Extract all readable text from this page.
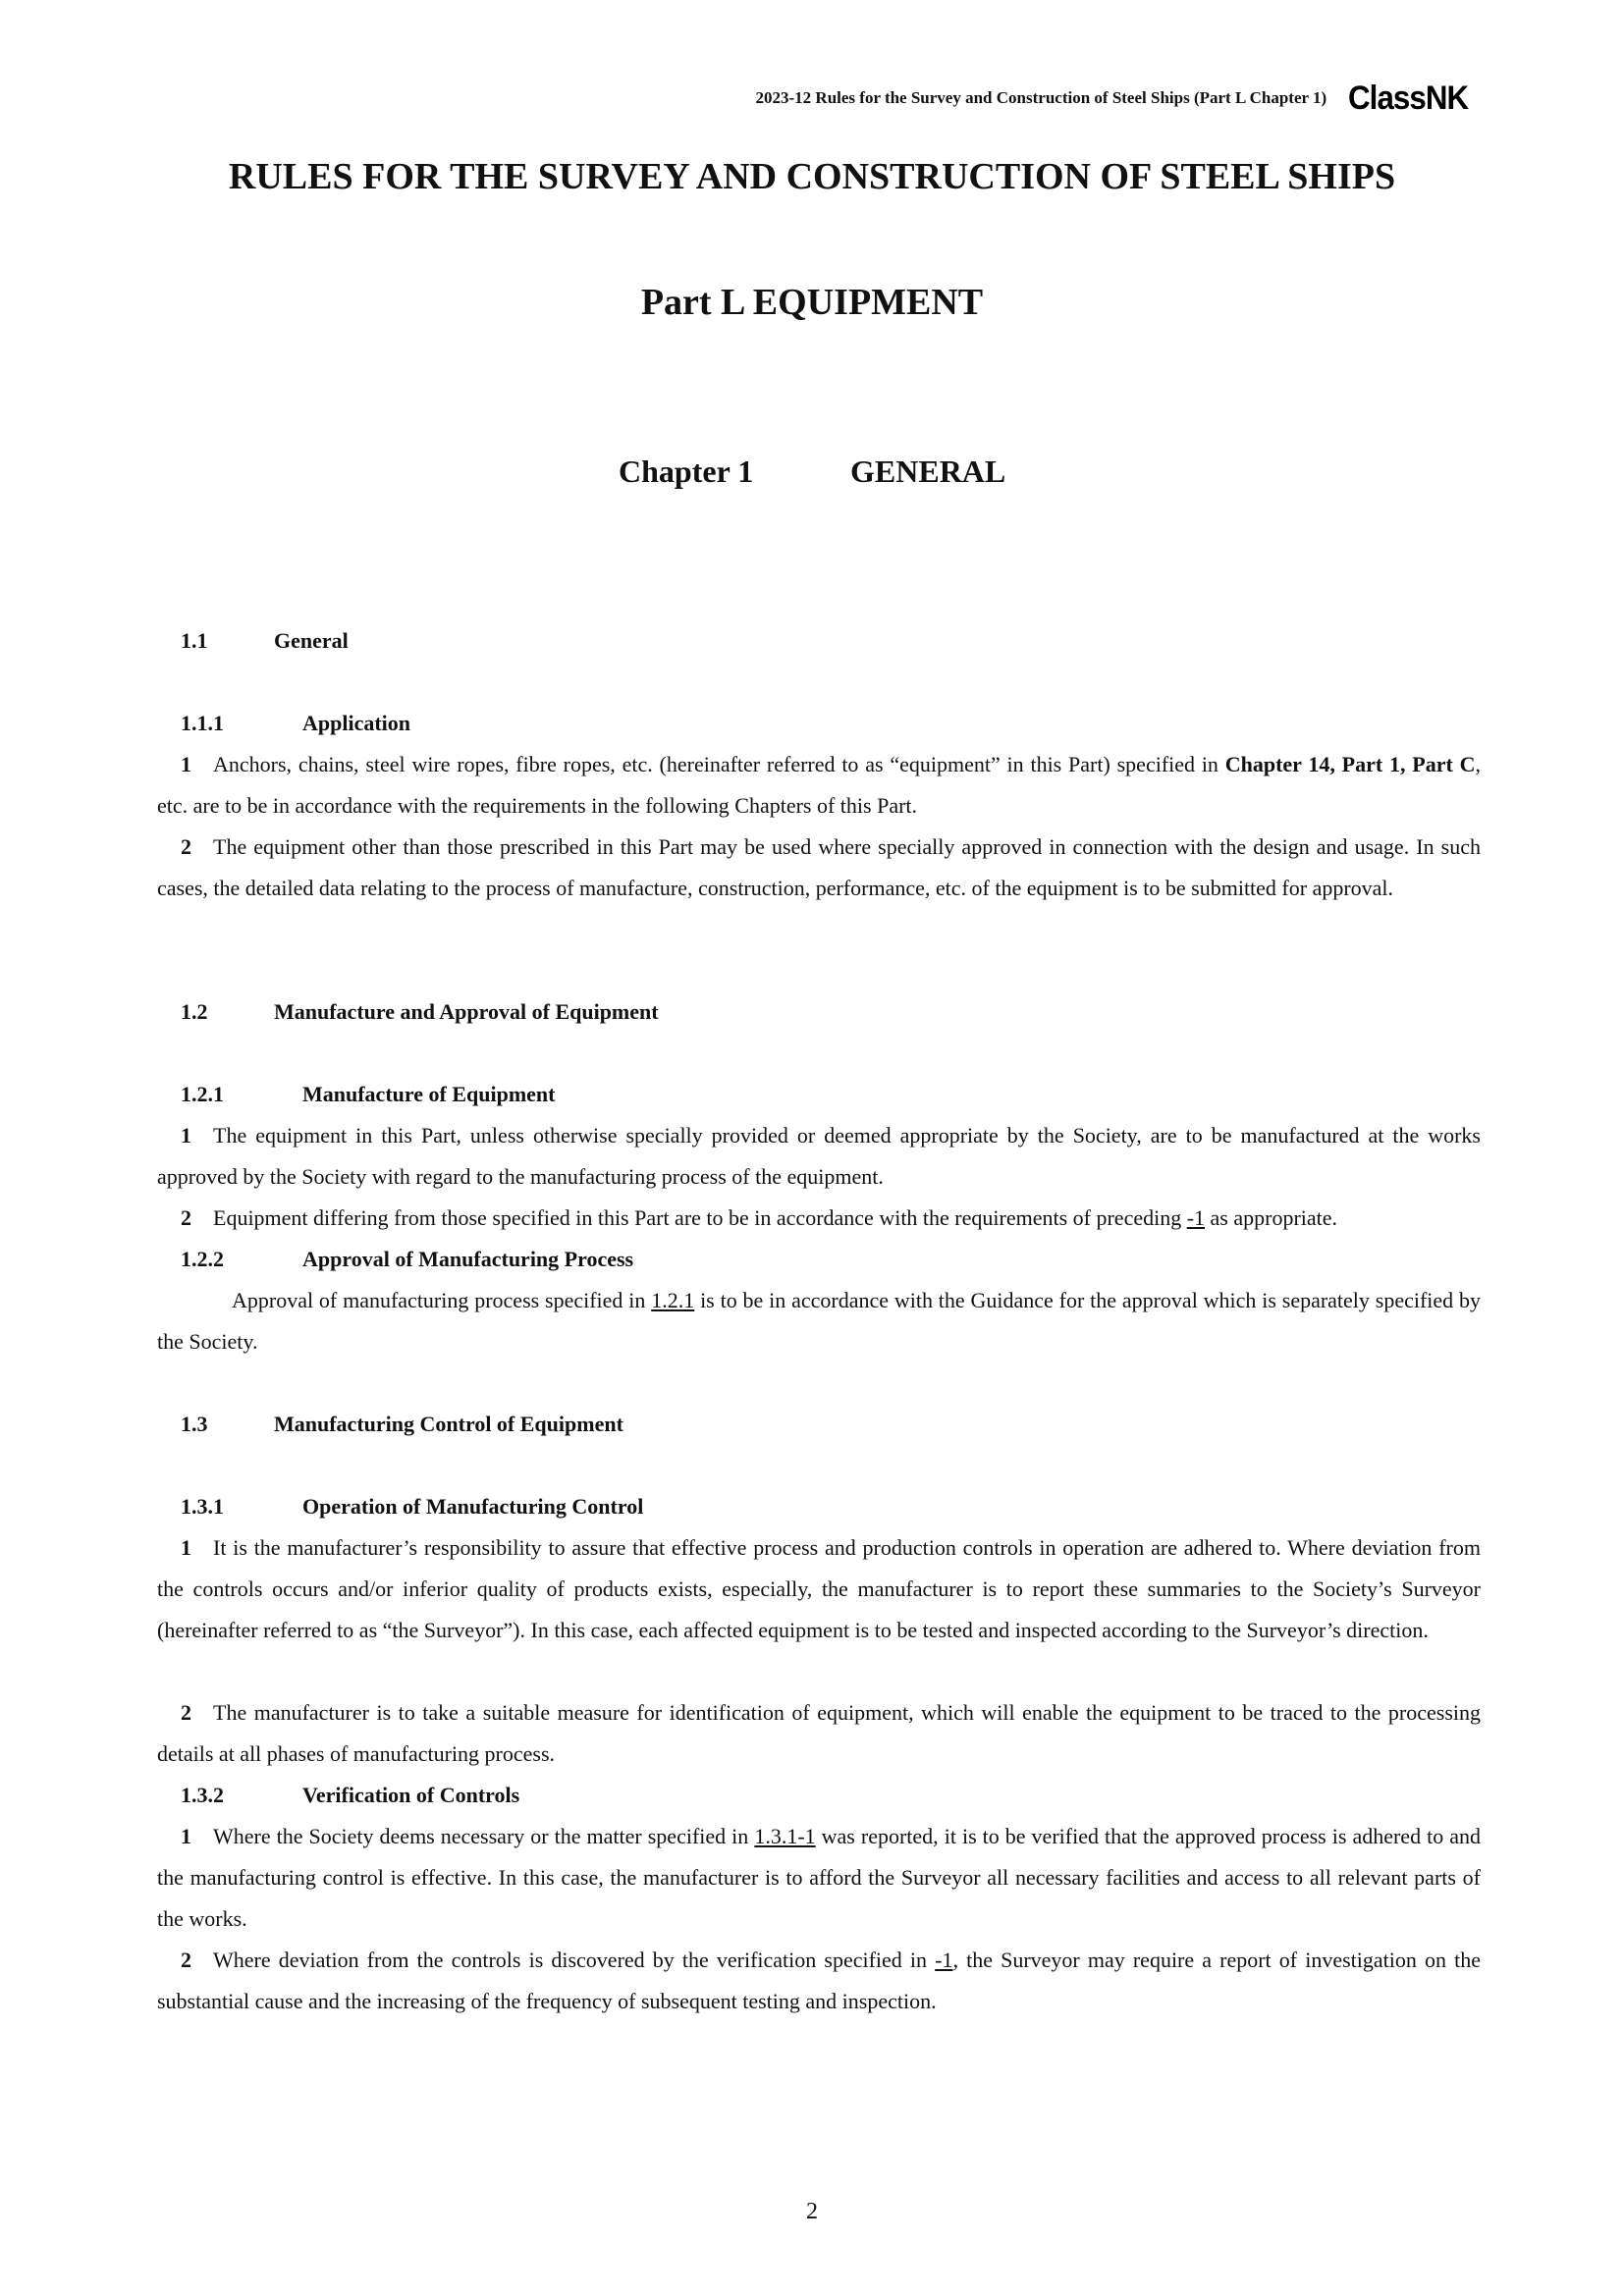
2023-12 Rules for the Survey and Construction of Steel Ships (Part L Chapter 1) ClassNK
RULES FOR THE SURVEY AND CONSTRUCTION OF STEEL SHIPS
Part L EQUIPMENT
Chapter 1	GENERAL
1.1	General
1.1.1	Application
1 Anchors, chains, steel wire ropes, fibre ropes, etc. (hereinafter referred to as “equipment” in this Part) specified in Chapter 14, Part 1, Part C, etc. are to be in accordance with the requirements in the following Chapters of this Part.
2 The equipment other than those prescribed in this Part may be used where specially approved in connection with the design and usage. In such cases, the detailed data relating to the process of manufacture, construction, performance, etc. of the equipment is to be submitted for approval.
1.2	Manufacture and Approval of Equipment
1.2.1	Manufacture of Equipment
1 The equipment in this Part, unless otherwise specially provided or deemed appropriate by the Society, are to be manufactured at the works approved by the Society with regard to the manufacturing process of the equipment.
2 Equipment differing from those specified in this Part are to be in accordance with the requirements of preceding -1 as appropriate.
1.2.2	Approval of Manufacturing Process
Approval of manufacturing process specified in 1.2.1 is to be in accordance with the Guidance for the approval which is separately specified by the Society.
1.3	Manufacturing Control of Equipment
1.3.1	Operation of Manufacturing Control
1 It is the manufacturer’s responsibility to assure that effective process and production controls in operation are adhered to. Where deviation from the controls occurs and/or inferior quality of products exists, especially, the manufacturer is to report these summaries to the Society’s Surveyor (hereinafter referred to as “the Surveyor”). In this case, each affected equipment is to be tested and inspected according to the Surveyor’s direction.
2 The manufacturer is to take a suitable measure for identification of equipment, which will enable the equipment to be traced to the processing details at all phases of manufacturing process.
1.3.2	Verification of Controls
1 Where the Society deems necessary or the matter specified in 1.3.1-1 was reported, it is to be verified that the approved process is adhered to and the manufacturing control is effective. In this case, the manufacturer is to afford the Surveyor all necessary facilities and access to all relevant parts of the works.
2 Where deviation from the controls is discovered by the verification specified in -1, the Surveyor may require a report of investigation on the substantial cause and the increasing of the frequency of subsequent testing and inspection.
2
